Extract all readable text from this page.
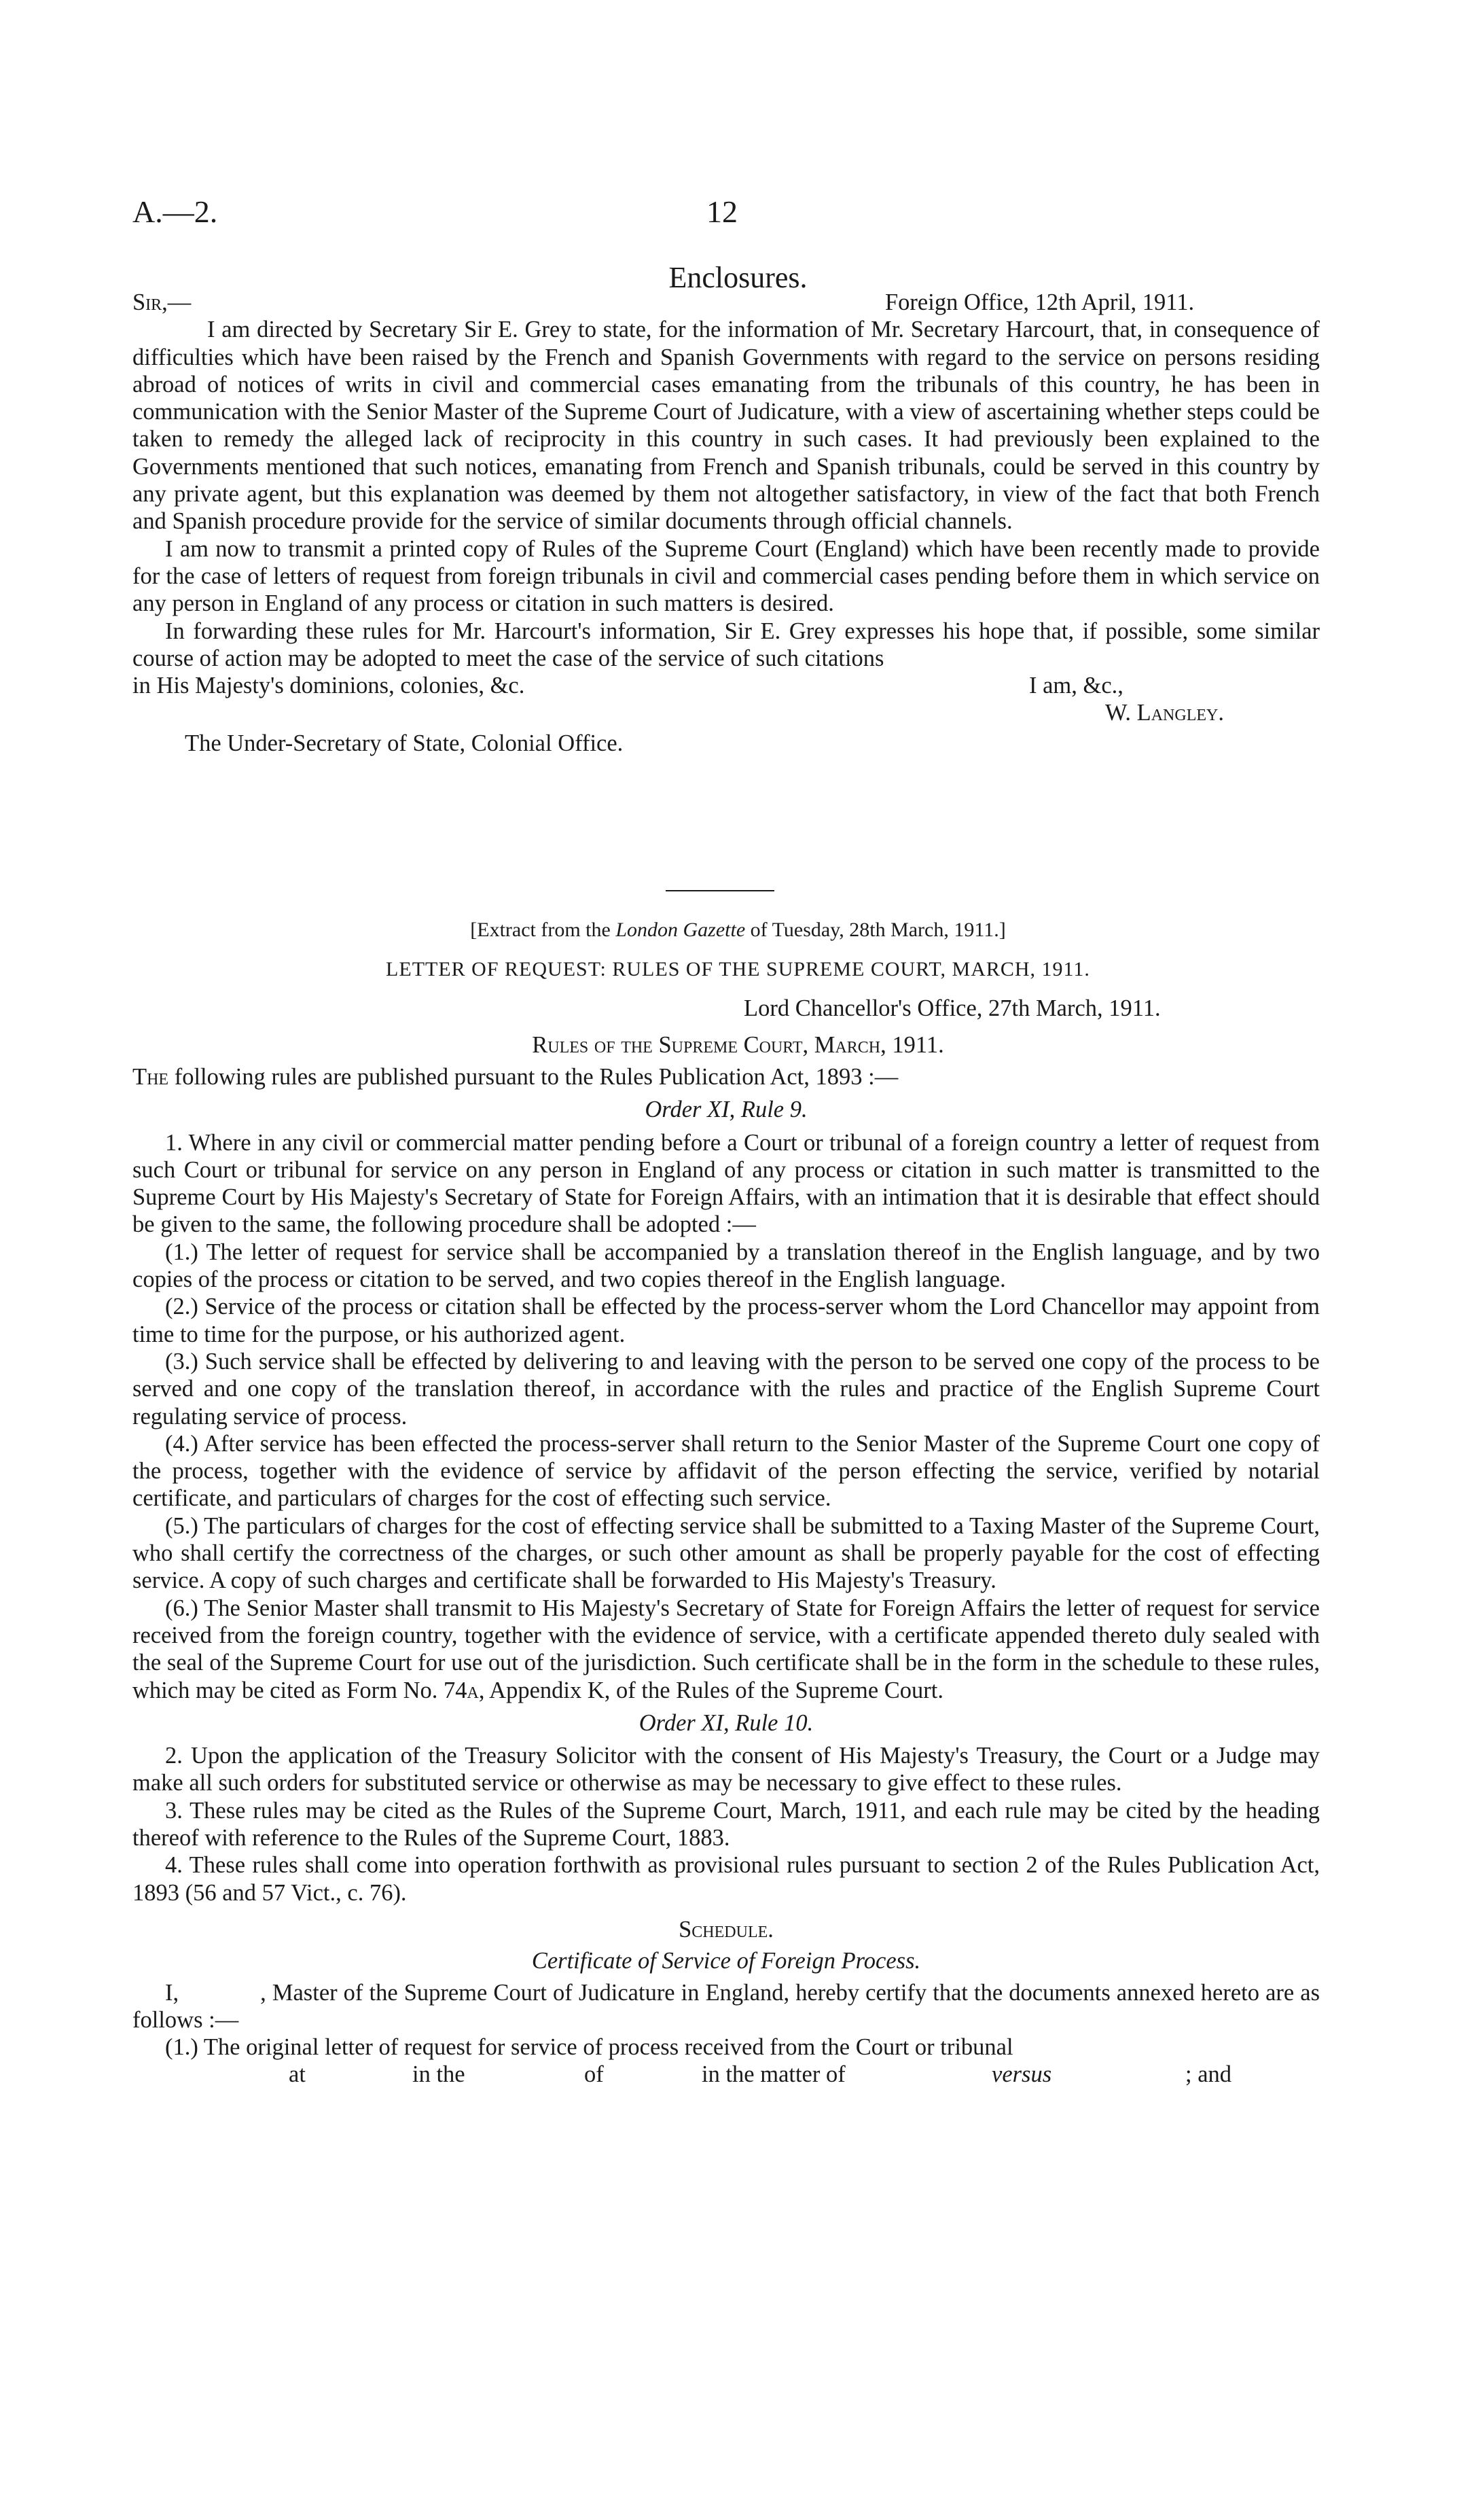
A.—2.	12
Enclosures.
Sir,—	Foreign Office, 12th April, 1911.

I am directed by Secretary Sir E. Grey to state, for the information of Mr. Secretary Harcourt, that, in consequence of difficulties which have been raised by the French and Spanish Governments with regard to the service on persons residing abroad of notices of writs in civil and commercial cases emanating from the tribunals of this country, he has been in communication with the Senior Master of the Supreme Court of Judicature, with a view of ascertaining whether steps could be taken to remedy the alleged lack of reciprocity in this country in such cases. It had previously been explained to the Governments mentioned that such notices, emanating from French and Spanish tribunals, could be served in this country by any private agent, but this explanation was deemed by them not altogether satisfactory, in view of the fact that both French and Spanish procedure provide for the service of similar documents through official channels.

I am now to transmit a printed copy of Rules of the Supreme Court (England) which have been recently made to provide for the case of letters of request from foreign tribunals in civil and commercial cases pending before them in which service on any person in England of any process or citation in such matters is desired.

In forwarding these rules for Mr. Harcourt's information, Sir E. Grey expresses his hope that, if possible, some similar course of action may be adopted to meet the case of the service of such citations

in His Majesty's dominions, colonies, &c.	I am, &c.,
W. Langley.
The Under-Secretary of State, Colonial Office.
[Extract from the London Gazette of Tuesday, 28th March, 1911.]
LETTER OF REQUEST: RULES OF THE SUPREME COURT, MARCH, 1911.
Lord Chancellor's Office, 27th March, 1911.
Rules of the Supreme Court, March, 1911.

The following rules are published pursuant to the Rules Publication Act, 1893 :—

Order XI, Rule 9.

1. Where in any civil or commercial matter pending before a Court or tribunal of a foreign country a letter of request from such Court or tribunal for service on any person in England of any process or citation in such matter is transmitted to the Supreme Court by His Majesty's Secretary of State for Foreign Affairs, with an intimation that it is desirable that effect should be given to the same, the following procedure shall be adopted :—

(1.) The letter of request for service shall be accompanied by a translation thereof in the English language, and by two copies of the process or citation to be served, and two copies thereof in the English language.

(2.) Service of the process or citation shall be effected by the process-server whom the Lord Chancellor may appoint from time to time for the purpose, or his authorized agent.

(3.) Such service shall be effected by delivering to and leaving with the person to be served one copy of the process to be served and one copy of the translation thereof, in accordance with the rules and practice of the English Supreme Court regulating service of process.

(4.) After service has been effected the process-server shall return to the Senior Master of the Supreme Court one copy of the process, together with the evidence of service by affidavit of the person effecting the service, verified by notarial certificate, and particulars of charges for the cost of effecting such service.

(5.) The particulars of charges for the cost of effecting service shall be submitted to a Taxing Master of the Supreme Court, who shall certify the correctness of the charges, or such other amount as shall be properly payable for the cost of effecting service. A copy of such charges and certificate shall be forwarded to His Majesty's Treasury.

(6.) The Senior Master shall transmit to His Majesty's Secretary of State for Foreign Affairs the letter of request for service received from the foreign country, together with the evidence of service, with a certificate appended thereto duly sealed with the seal of the Supreme Court for use out of the jurisdiction. Such certificate shall be in the form in the schedule to these rules, which may be cited as Form No. 74a, Appendix K, of the Rules of the Supreme Court.

Order XI, Rule 10.

2. Upon the application of the Treasury Solicitor with the consent of His Majesty's Treasury, the Court or a Judge may make all such orders for substituted service or otherwise as may be necessary to give effect to these rules.

3. These rules may be cited as the Rules of the Supreme Court, March, 1911, and each rule may be cited by the heading thereof with reference to the Rules of the Supreme Court, 1883.

4. These rules shall come into operation forthwith as provisional rules pursuant to section 2 of the Rules Publication Act, 1893 (56 and 57 Vict., c. 76).

Schedule.

Certificate of Service of Foreign Process.

I,	, Master of the Supreme Court of Judicature in England, hereby certify that the documents annexed hereto are as follows :—

(1.) The original letter of request for service of process received from the Court or tribunal

at	in the	of	in the matter of	versus	; and
